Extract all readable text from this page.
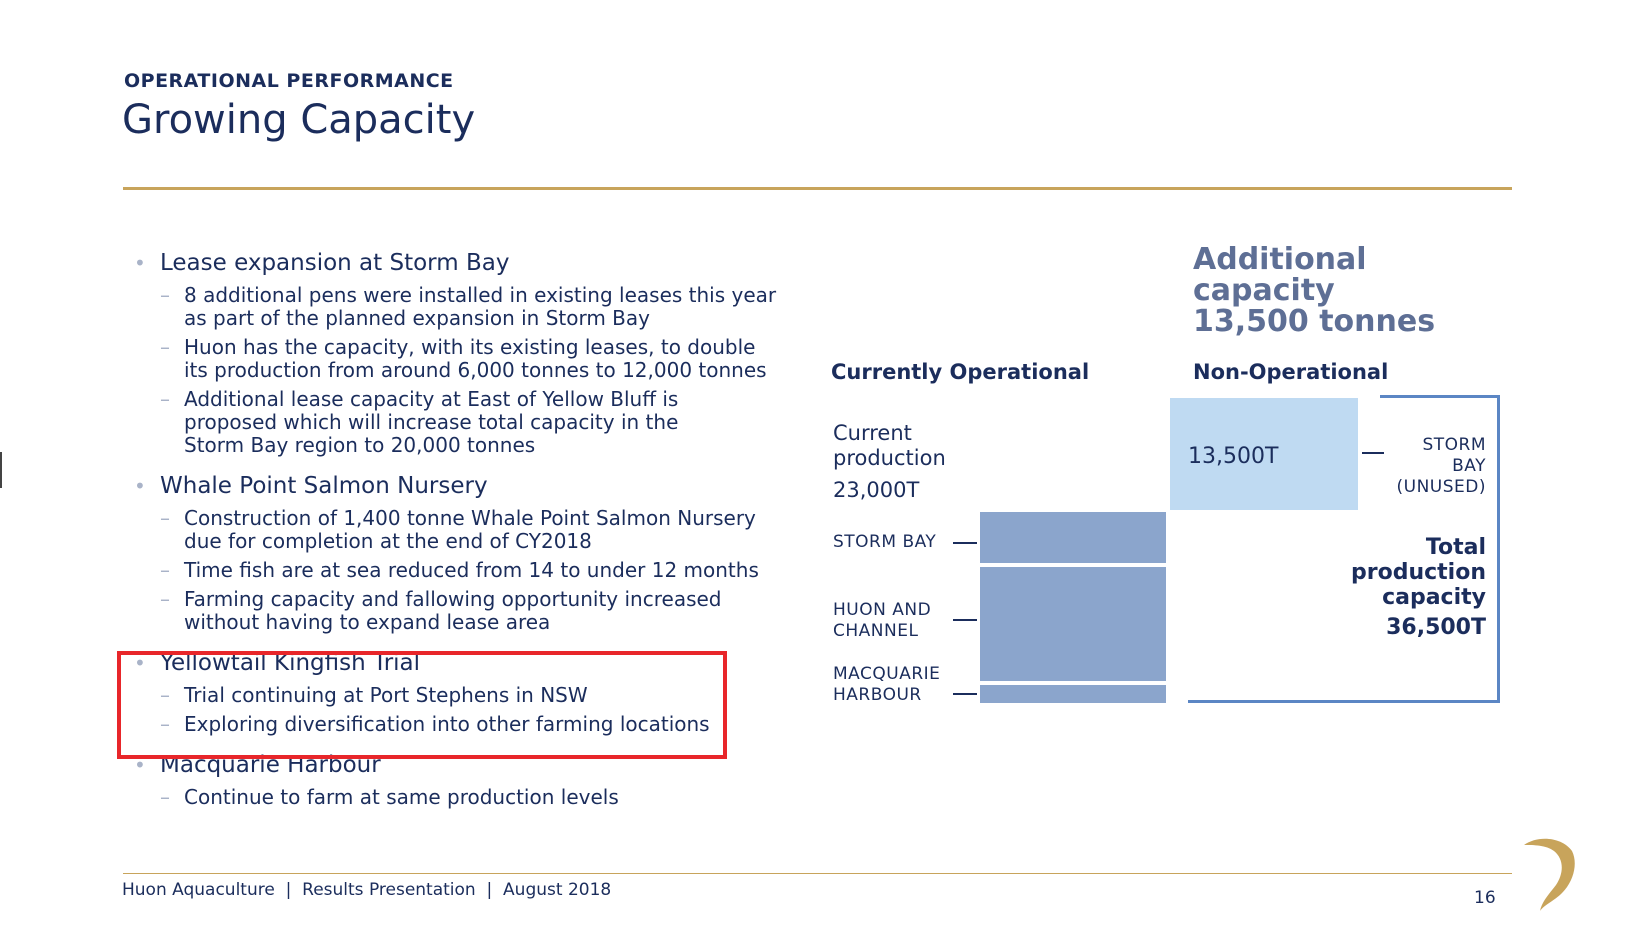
OPERATIONAL PERFORMANCE
Growing Capacity
• Lease expansion at Storm Bay
– 8 additional pens were installed in existing leases this year as part of the planned expansion in Storm Bay
– Huon has the capacity, with its existing leases, to double its production from around 6,000 tonnes to 12,000 tonnes
– Additional lease capacity at East of Yellow Bluff is proposed which will increase total capacity in the Storm Bay region to 20,000 tonnes
• Whale Point Salmon Nursery
– Construction of 1,400 tonne Whale Point Salmon Nursery due for completion at the end of CY2018
– Time fish are at sea reduced from 14 to under 12 months
– Farming capacity and fallowing opportunity increased without having to expand lease area
• Yellowtail Kingfish Trial
– Trial continuing at Port Stephens in NSW
– Exploring diversification into other farming locations
• Macquarie Harbour
– Continue to farm at same production levels
Additional
capacity
13,500 tonnes
Currently Operational	Non-Operational
Current
production
23,000T
STORM BAY
HUON AND
CHANNEL
MACQUARIE
HARBOUR
13,500T	STORM BAY
(UNUSED)
Total
production
capacity
36,500T
Huon Aquaculture  |  Results Presentation  |  August 2018	16
